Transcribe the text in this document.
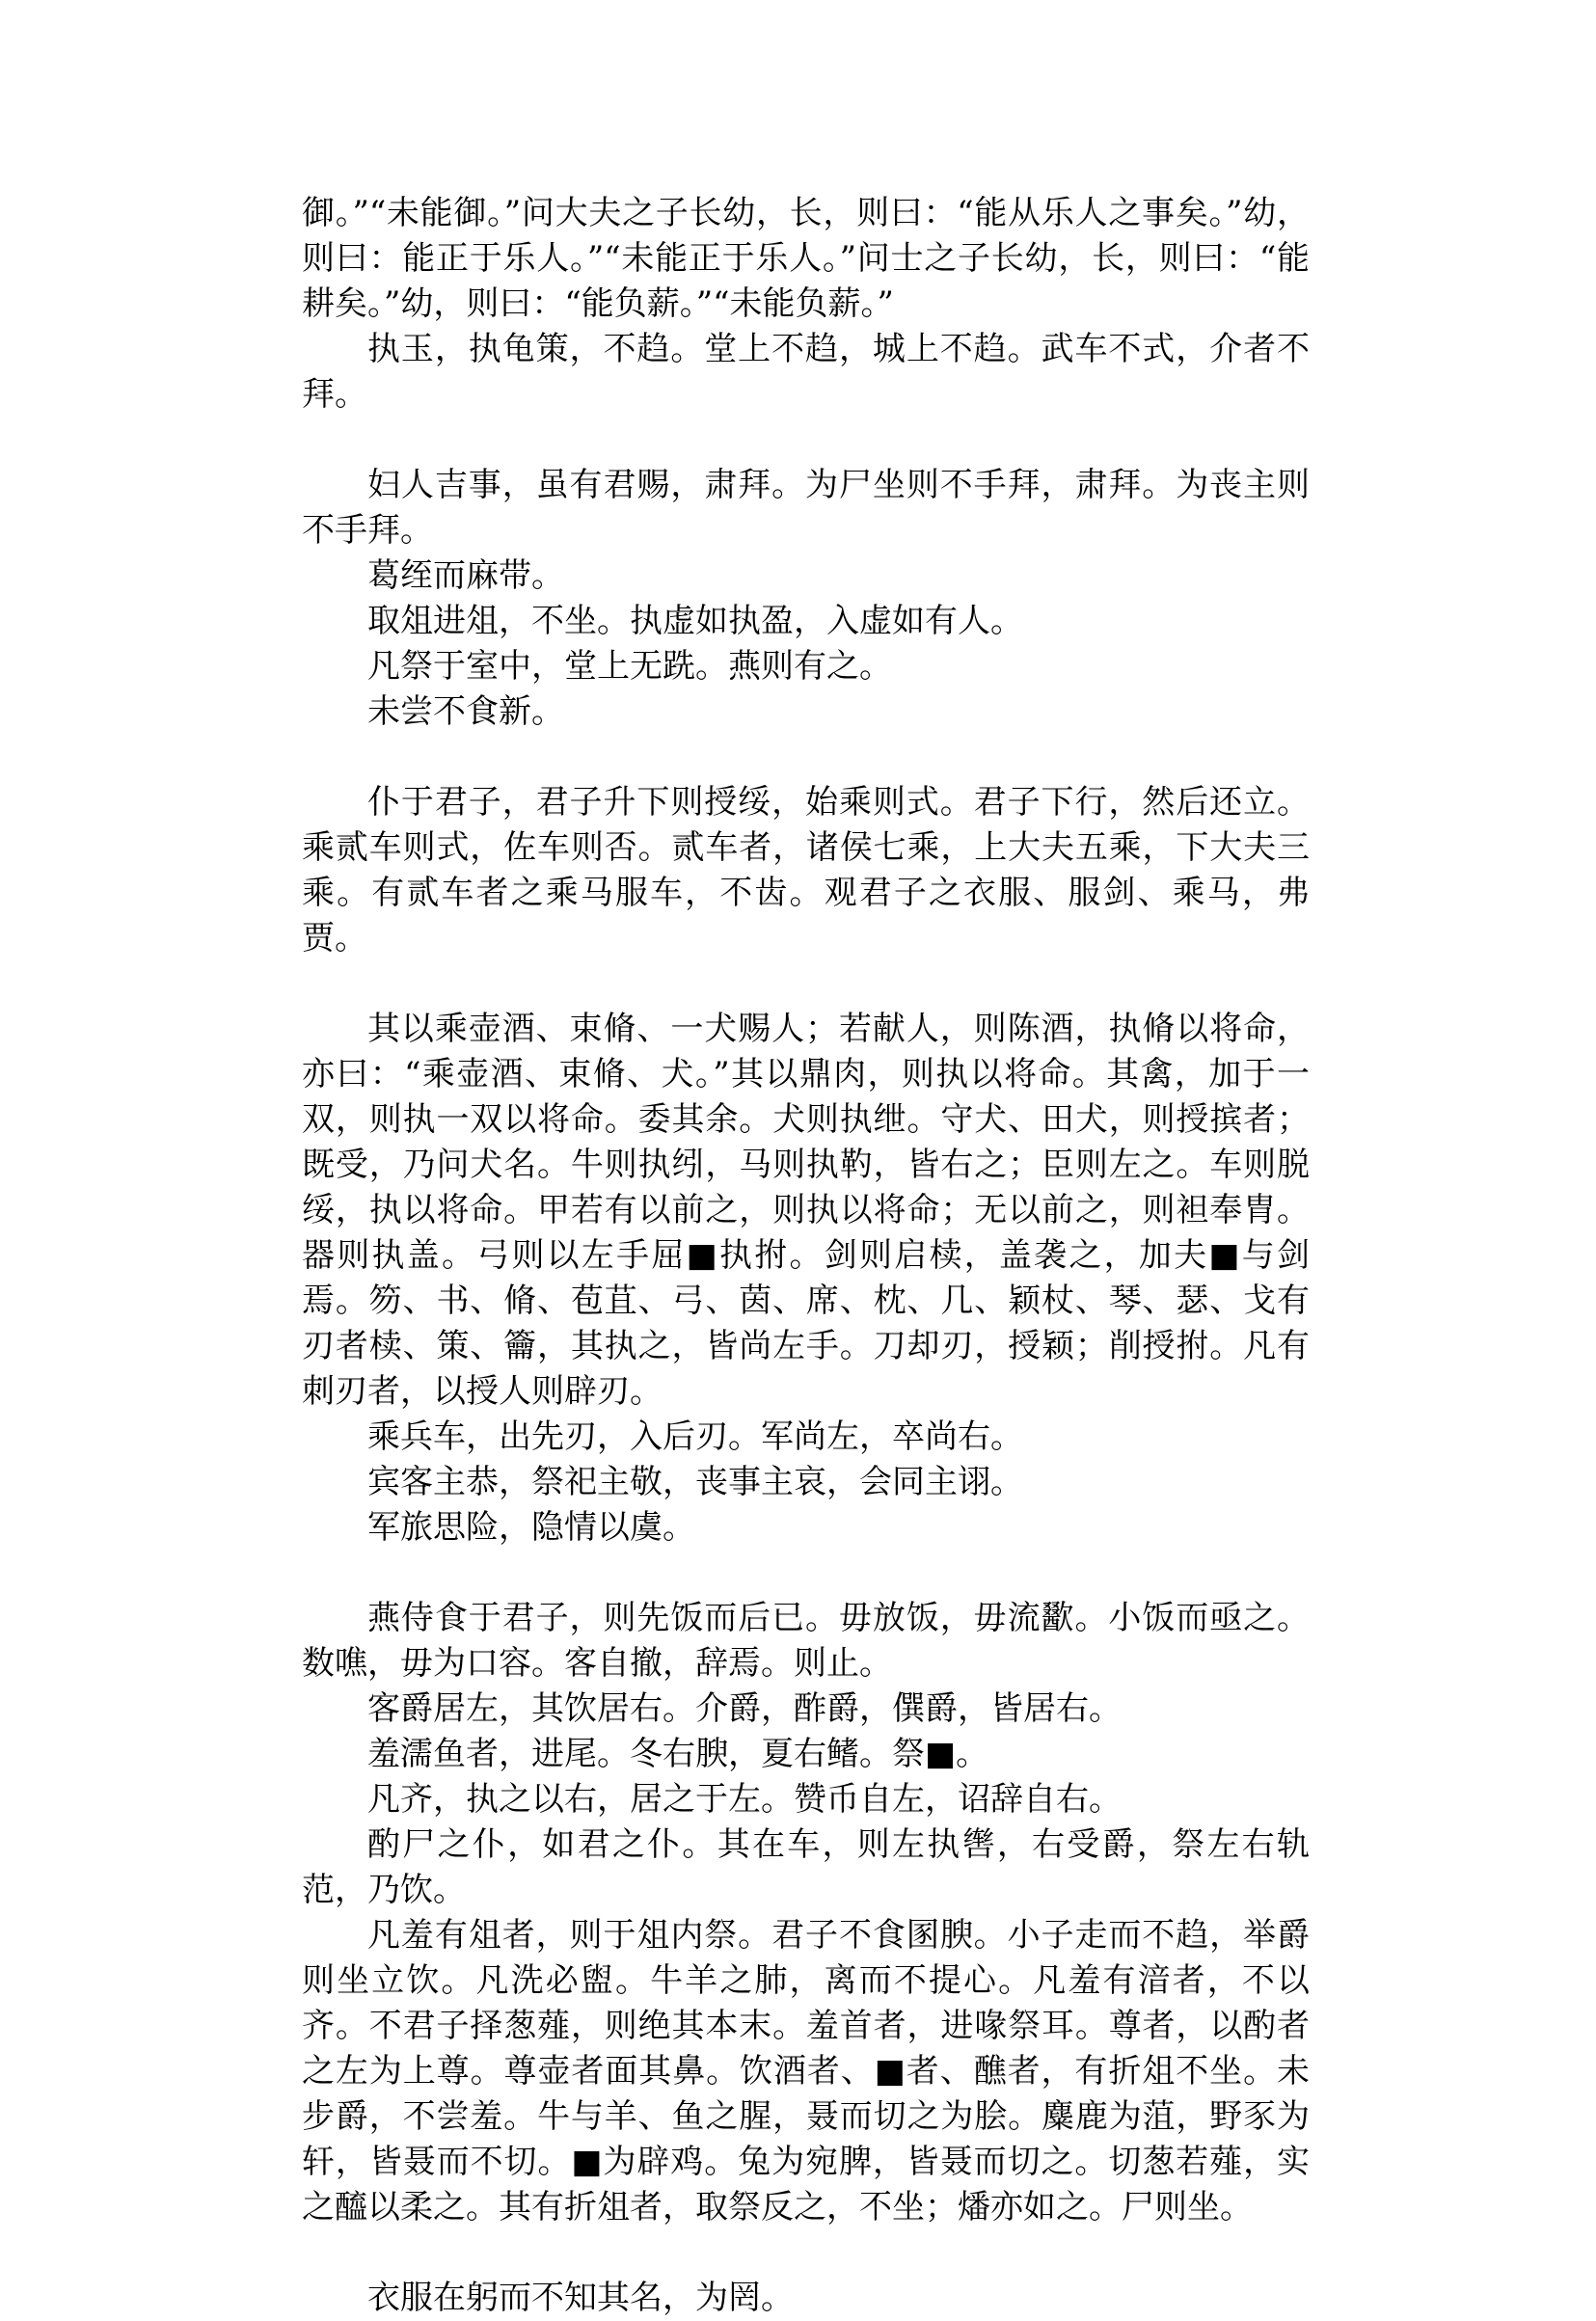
御。”“未能御。”问大夫之子长幼，长，则曰：“能从乐人之事矣。”幼，则曰：能正于乐人。”“未能正于乐人。”问士之子长幼，长，则曰：“能耕矣。”幼，则曰：“能负薪。”“未能负薪。”

执玉，执龟策，不趋。堂上不趋，城上不趋。武车不式，介者不拜。

妇人吉事，虽有君赐，肃拜。为尸坐则不手拜，肃拜。为丧主则不手拜。

葛绖而麻带。

取俎进俎，不坐。执虚如执盈，入虚如有人。

凡祭于室中，堂上无跣。燕则有之。

未尝不食新。

仆于君子，君子升下则授绥，始乘则式。君子下行，然后还立。乘贰车则式，佐车则否。贰车者，诸侯七乘，上大夫五乘，下大夫三乘。有贰车者之乘马服车，不齿。观君子之衣服、服剑、乘马，弗贾。

其以乘壶酒、束脩、一犬赐人；若献人，则陈酒，执脩以将命，亦曰：“乘壶酒、束脩、犬。”其以鼎肉，则执以将命。其禽，加于一双，则执一双以将命。委其余。犬则执绁。守犬、田犬，则授摈者；既受，乃问犬名。牛则执纼，马则执靮，皆右之；臣则左之。车则脱绥，执以将命。甲若有以前之，则执以将命；无以前之，则袒奉胄。器则执盖。弓则以左手屈■执拊。剑则启椟，盖袭之，加夫■与剑焉。笏、书、脩、苞苴、弓、茵、席、枕、几、颖杖、琴、瑟、戈有刃者椟、策、籥，其执之，皆尚左手。刀却刃，授颖；削授拊。凡有刺刃者，以授人则辟刃。

乘兵车，出先刃，入后刃。军尚左，卒尚右。

宾客主恭，祭祀主敬，丧事主哀，会同主诩。

军旅思险，隐情以虞。

燕侍食于君子，则先饭而后已。毋放饭，毋流歠。小饭而亟之。数噍，毋为口容。客自撤，辞焉。则止。

客爵居左，其饮居右。介爵，酢爵，僎爵，皆居右。

羞濡鱼者，进尾。冬右腴，夏右鳍。祭■。

凡齐，执之以右，居之于左。赞币自左，诏辞自右。

酌尸之仆，如君之仆。其在车，则左执辔，右受爵，祭左右轨范，乃饮。

凡羞有俎者，则于俎内祭。君子不食圂腴。小子走而不趋，举爵则坐立饮。凡洗必盥。牛羊之肺，离而不提心。凡羞有湆者，不以齐。不君子择葱薤，则绝其本末。羞首者，进喙祭耳。尊者，以酌者之左为上尊。尊壶者面其鼻。饮酒者、■者、醮者，有折俎不坐。未步爵，不尝羞。牛与羊、鱼之腥，聂而切之为脍。麋鹿为菹，野豕为轩，皆聂而不切。■为辟鸡。兔为宛脾，皆聂而切之。切葱若薤，实之醯以柔之。其有折俎者，取祭反之，不坐；燔亦如之。尸则坐。

衣服在躬而不知其名，为罔。
